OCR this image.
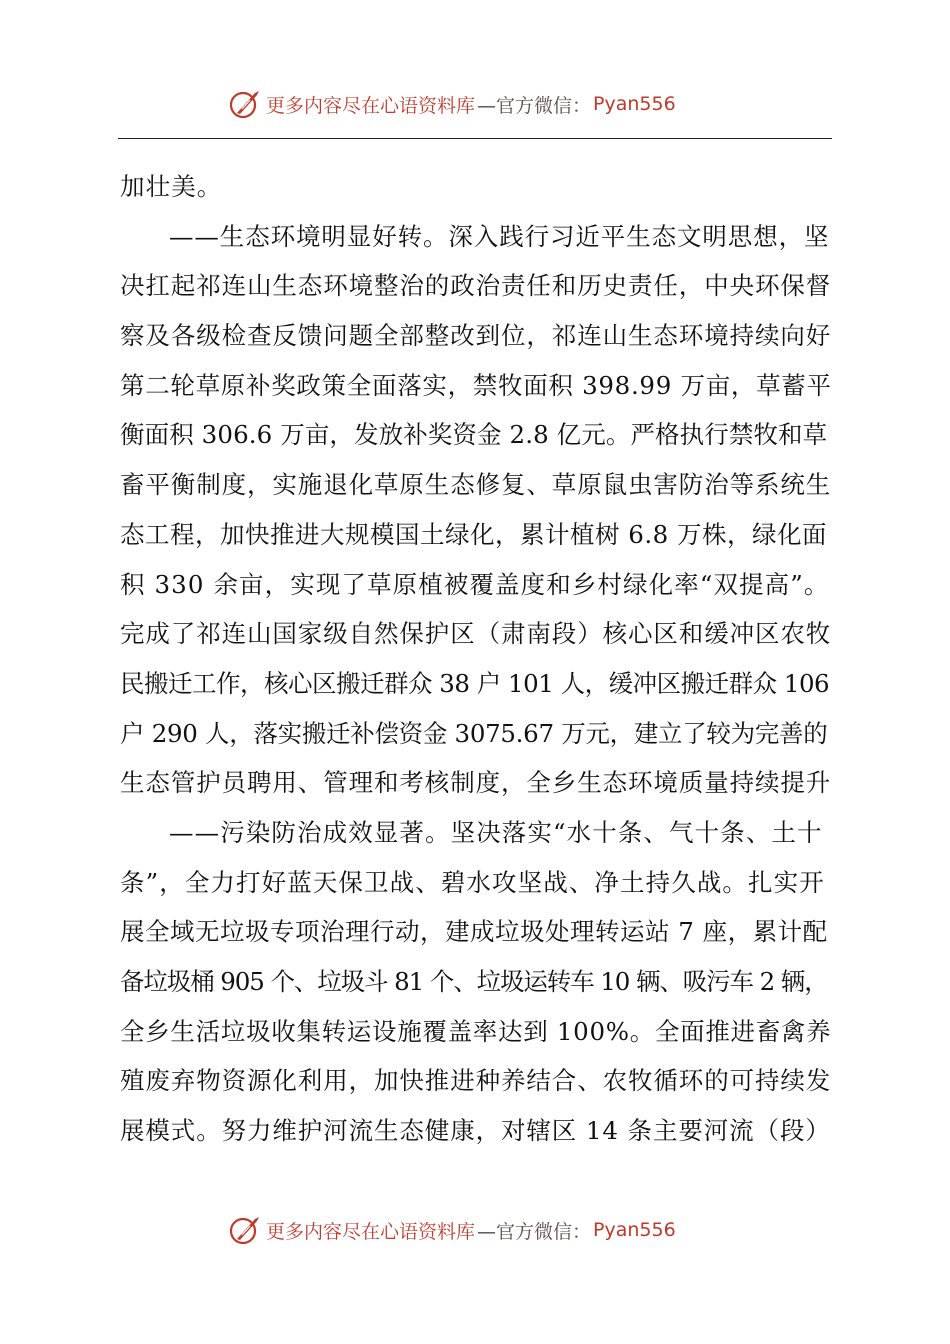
更多内容尽在心语资料库 —官方微信： Pyan556
加壮美。
——生态环境明显好转。深入践行习近平生态文明思想，坚
决扛起祁连山生态环境整治的政治责任和历史责任，中央环保督
察及各级检查反馈问题全部整改到位，祁连山生态环境持续向好
第二轮草原补奖政策全面落实，禁牧面积 398.99 万亩，草蓄平
衡面积 306.6 万亩，发放补奖资金 2.8 亿元。严格执行禁牧和草
畜平衡制度，实施退化草原生态修复、草原鼠虫害防治等系统生
态工程，加快推进大规模国土绿化，累计植树 6.8 万株，绿化面
积 330 余亩，实现了草原植被覆盖度和乡村绿化率“双提高”。
完成了祁连山国家级自然保护区（肃南段）核心区和缓冲区农牧
民搬迁工作，核心区搬迁群众 38 户 101 人，缓冲区搬迁群众 106
户 290 人，落实搬迁补偿资金 3075.67 万元，建立了较为完善的
生态管护员聘用、管理和考核制度，全乡生态环境质量持续提升
——污染防治成效显著。坚决落实“水十条、气十条、土十
条”，全力打好蓝天保卫战、碧水攻坚战、净土持久战。扎实开
展全域无垃圾专项治理行动，建成垃圾处理转运站 7 座，累计配
备垃圾桶 905 个、垃圾斗 81 个、垃圾运转车 10 辆、吸污车 2 辆，
全乡生活垃圾收集转运设施覆盖率达到 100%。全面推进畜禽养
殖废弃物资源化利用，加快推进种养结合、农牧循环的可持续发
展模式。努力维护河流生态健康，对辖区 14 条主要河流（段）
更多内容尽在心语资料库 —官方微信： Pyan556
